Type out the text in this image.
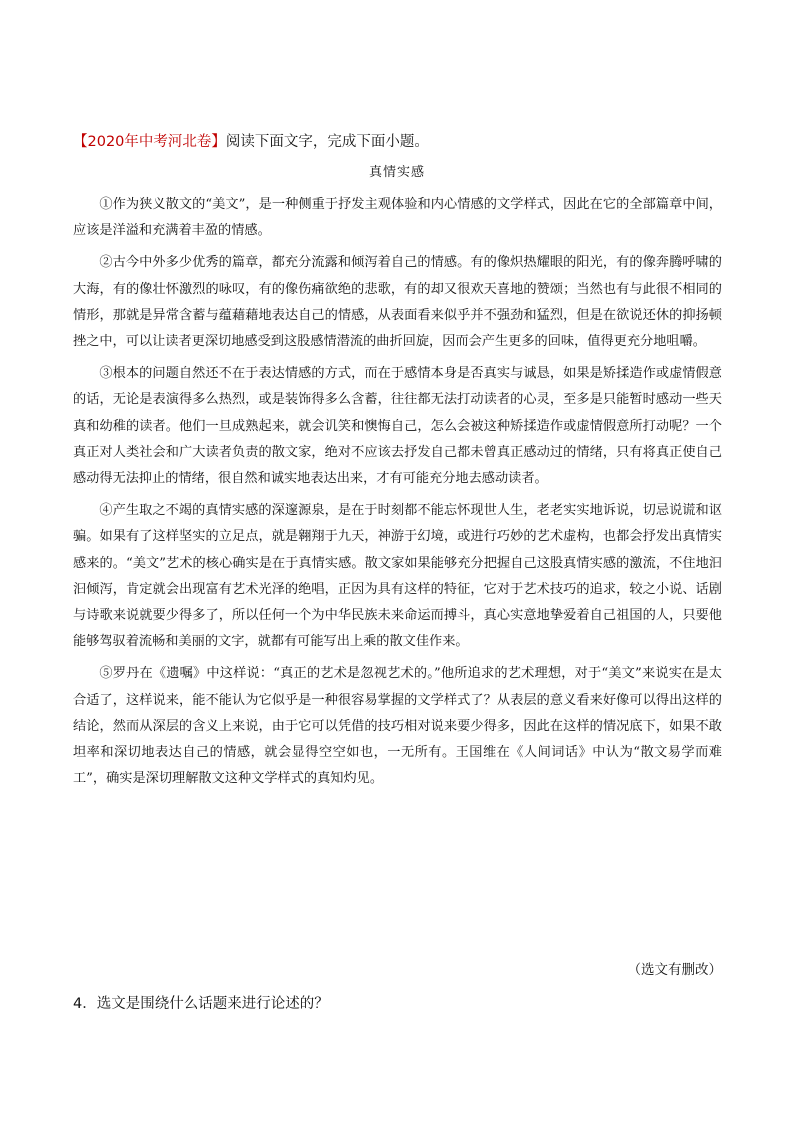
【2020年中考河北卷】阅读下面文字，完成下面小题。
真情实感

①作为狭义散文的“美文”，是一种侧重于抒发主观体验和内心情感的文学样式，因此在它的全部篇章中间，应该是洋溢和充满着丰盈的情感。

②古今中外多少优秀的篇章，都充分流露和倾泻着自己的情感。有的像炽热耀眼的阳光，有的像奔腾呼啸的大海，有的像壮怀激烈的咏叹，有的像伤痛欲绝的悲歌，有的却又很欢天喜地的赞颂；当然也有与此很不相同的情形，那就是异常含蓄与蕴藉藉地表达自己的情感，从表面看来似乎并不强劲和猛烈，但是在欲说还休的抑扬顿挫之中，可以让读者更深切地感受到这股感情潜流的曲折回旋，因而会产生更多的回味，值得更充分地咀嚼。

③根本的问题自然还不在于表达情感的方式，而在于感情本身是否真实与诚恳，如果是矫揉造作或虚情假意的话，无论是表演得多么热烈，或是装饰得多么含蓄，往往都无法打动读者的心灵，至多是只能暂时感动一些天真和幼稚的读者。他们一旦成熟起来，就会讥笑和懊悔自己，怎么会被这种矫揉造作或虚情假意所打动呢？一个真正对人类社会和广大读者负责的散文家，绝对不应该去抒发自己都未曾真正感动过的情绪，只有将真正使自己感动得无法抑止的情绪，很自然和诚实地表达出来，才有可能充分地去感动读者。

④产生取之不竭的真情实感的深邃源泉，是在于时刻都不能忘怀现世人生，老老实实地诉说，切忌说谎和讴骗。如果有了这样坚实的立足点，就是翱翔于九天，神游于幻境，或进行巧妙的艺术虚构，也都会抒发出真情实感来的。“美文”艺术的核心确实是在于真情实感。散文家如果能够充分把握自己这股真情实感的激流，不住地汩汩倾泻，肯定就会出现富有艺术光泽的绝唱，正因为具有这样的特征，它对于艺术技巧的追求，较之小说、话剧与诗歌来说就要少得多了，所以任何一个为中华民族未来命运而搏斗，真心实意地挚爱着自己祖国的人，只要他能够驾驭着流畅和美丽的文字，就都有可能写出上乘的散文佳作来。

⑤罗丹在《遗嘱》中这样说：“真正的艺术是忽视艺术的。”他所追求的艺术理想，对于“美文”来说实在是太合适了，这样说来，能不能认为它似乎是一种很容易掌握的文学样式了？从表层的意义看来好像可以得出这样的结论，然而从深层的含义上来说，由于它可以凭借的技巧相对说来要少得多，因此在这样的情况底下，如果不敢坦率和深切地表达自己的情感，就会显得空空如也，一无所有。王国维在《人间词话》中认为“散文易学而难工”，确实是深切理解散文这种文学样式的真知灼见。

（选文有删改）
4．选文是围绕什么话题来进行论述的？
